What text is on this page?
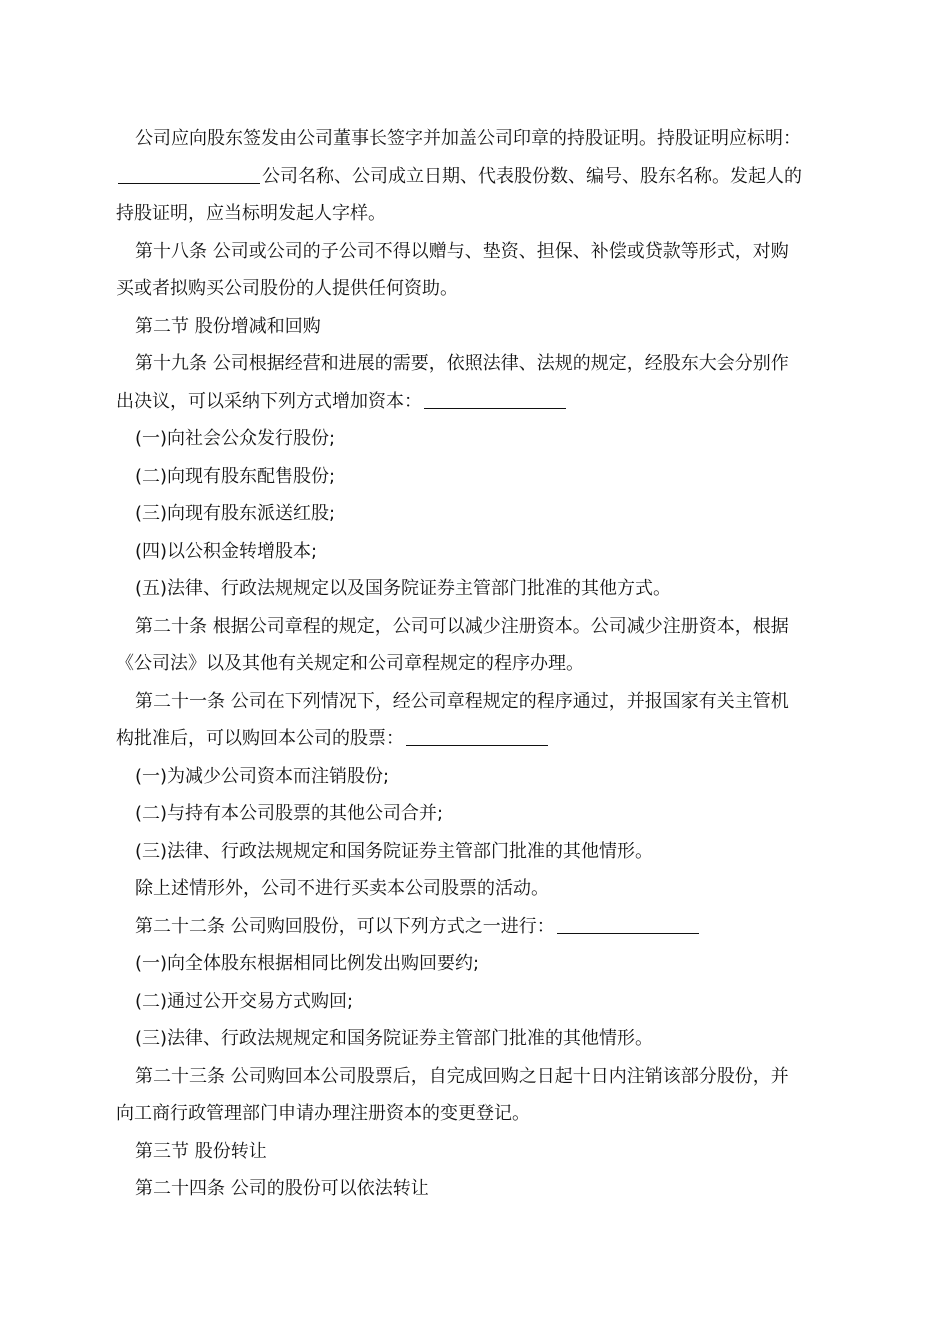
公司应向股东签发由公司董事长签字并加盖公司印章的持股证明。持股证明应标明：
公司名称、公司成立日期、代表股份数、编号、股东名称。发起人的
持股证明，应当标明发起人字样。
第十八条 公司或公司的子公司不得以赠与、垫资、担保、补偿或贷款等形式，对购
买或者拟购买公司股份的人提供任何资助。
第二节 股份增减和回购
第十九条 公司根据经营和进展的需要，依照法律、法规的规定，经股东大会分别作
出决议，可以采纳下列方式增加资本：
(一)向社会公众发行股份;
(二)向现有股东配售股份;
(三)向现有股东派送红股;
(四)以公积金转增股本;
(五)法律、行政法规规定以及国务院证券主管部门批准的其他方式。
第二十条 根据公司章程的规定，公司可以减少注册资本。公司减少注册资本，根据
《公司法》以及其他有关规定和公司章程规定的程序办理。
第二十一条 公司在下列情况下，经公司章程规定的程序通过，并报国家有关主管机
构批准后，可以购回本公司的股票：
(一)为减少公司资本而注销股份;
(二)与持有本公司股票的其他公司合并;
(三)法律、行政法规规定和国务院证券主管部门批准的其他情形。
除上述情形外，公司不进行买卖本公司股票的活动。
第二十二条 公司购回股份，可以下列方式之一进行：
(一)向全体股东根据相同比例发出购回要约;
(二)通过公开交易方式购回;
(三)法律、行政法规规定和国务院证券主管部门批准的其他情形。
第二十三条 公司购回本公司股票后，自完成回购之日起十日内注销该部分股份，并
向工商行政管理部门申请办理注册资本的变更登记。
第三节 股份转让
第二十四条 公司的股份可以依法转让
